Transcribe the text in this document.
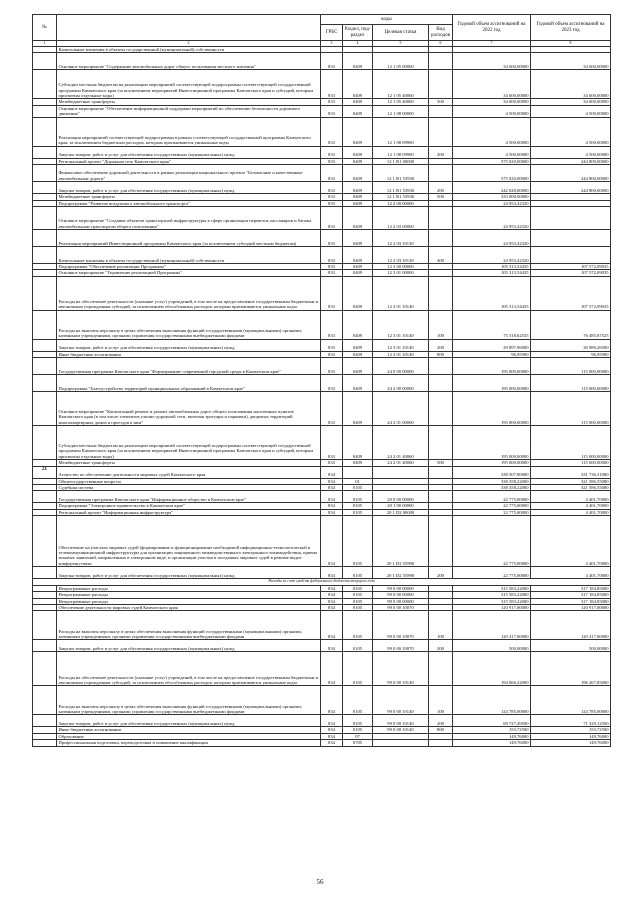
№		коды				Годовой объем ассигнований на 2022 год	Годовой объем ассигнований на 2023 год
		ГРБС	Раздел, под-раздел	Целевая статья	Вид расходов		
1	2	3	4	5	6	7	8
	Капитальные вложения в объекты государственной (муниципальной) собственности						
	Основное мероприятие "Содержание автомобильных дорог общего пользования местного значения"	833	0409	12 1 05 00000		34 600,00000	34 600,00000
	Субсидии местным бюджетам на реализацию мероприятий соответствующей подпрограммы соответствующей государственной программы Камчатского края (за исключением мероприятий Инвестиционной программы Камчатского края и субсидий, которым присвоены отдельные коды)	833	0409	12 1 05 40060		34 600,00000	34 600,00000
	Межбюджетные трансферты	833	0409	12 1 05 40060	500	34 600,00000	34 600,00000
	Основное мероприятие "Обеспечение информационной поддержки мероприятий по обеспечению безопасности дорожного движения"	833	0409	12 1 08 00000		4 500,00000	4 500,00000
	Реализация мероприятий соответствующей подпрограммы в рамках соответствующей государственной программы Камчатского края, за исключением бюджетных расходов, которым присваиваются уникальные коды	833	0409	12 1 08 09990		4 500,00000	4 500,00000
	Закупка товаров, работ и услуг для обеспечения государственных (муниципальных) нужд	833	0409	12 1 08 09990	200	4 500,00000	4 500,00000
	Региональный проект "Дорожная сеть Камчатского края"	833	0409	12 1 R1 00000		575 020,00000	244 800,00000
	Финансовое обеспечение дорожной деятельности в рамках реализации национального проекта "Безопасные и качественные автомобильные дороги"	833	0409	12 1 R1 53930		575 020,00000	244 800,00000
	Закупка товаров, работ и услуг для обеспечения государственных (муниципальных) нужд	833	0409	12 1 R1 53930	200	242 020,00000	244 800,00000
	Межбюджетные трансферты	833	0409	12 1 R1 53930	500	333 000,00000	
	Подпрограмма "Развитие воздушного автомобильного транспорта"	833	0409	12 2 00 00000		24 953,42320	
	Основное мероприятие "Создание объектов транспортной инфраструктуры в сфере организации перевозок пассажиров и багажа автомобильным транспортом общего пользования"	833	0409	12 2 03 00000		24 953,42320	
	Реализация мероприятий Инвестиционной программы Камчатского края (за исключением субсидий местным бюджетам)	833	0409	12 2 03 10130		24 953,42320	
	Капитальные вложения в объекты государственной (муниципальной) собственности	833	0409	12 2 03 10130	400	24 953,42320	
	Подпрограмма "Обеспечение реализации Программы"	833	0409	12 3 00 00000		105 313,54435	107 572,09035
	Основное мероприятие "Управление реализацией Программы"	833	0409	12 3 01 00000		105 313,54435	107 572,09035
	Расходы на обеспечение деятельности (оказание услуг) учреждений, в том числе на предоставление государственным бюджетным и автономным учреждениям субсидий, за исключением обособленных расходов, которым присваиваются уникальные коды	833	0409	12 3 01 10140		105 313,54435	107 572,09035
	Расходы на выплаты персоналу в целях обеспечения выполнения функций государственными (муниципальными) органами, казенными учреждениями, органами управления государственными внебюджетными фондами	833	0409	12 3 01 10140	100	75 318,62535	76 485,87525
	Закупка товаров, работ и услуг для обеспечения государственных (муниципальных) нужд	833	0409	12 3 01 10140	200	29 897,96000	30 989,26500
	Иные бюджетные ассигнования	833	0409	12 3 01 10140	800	96,95900	96,95900
	Государственная программа Камчатского края "Формирование современной городской среды в Камчатском крае"	833	0409	24 0 00 00000		195 000,00000	115 000,00000
	Подпрограмма "Благоустройство территорий муниципальных образований в Камчатском крае"	833	0409	24 2 00 00000		195 000,00000	115 000,00000
	Основное мероприятие "Капитальный ремонт и ремонт автомобильных дорог общего пользования населенных пунктов Камчатского края (в том числе элементов улично-дорожной сети, включая тротуары и парковки), дворовых территорий многоквартирных домов и проездов к ним"	833	0409	24 2 01 00000		195 000,00000	115 000,00000
	Субсидии местным бюджетам на реализацию мероприятий соответствующей подпрограммы соответствующей государственной программы Камчатского края (за исключением мероприятий Инвестиционной программы Камчатского края и субсидий, которым присвоены отдельные коды)	833	0409	24 2 01 40060		195 000,00000	115 000,00000
	Межбюджетные трансферты	833	0409	24 2 01 40060	500	195 000,00000	115 000,00000
21	Агентство по обеспечению деятельности мировых судей Камчатского края	834				338 507,80000	331 736,31080
	Общегосударственные вопросы	834	01			338 358,22000	321 586,55080
	Судебная система	834	0105			338 358,22000	321 586,55080
	Государственная программа Камчатского края "Информационное общество в Камчатском крае"	834	0105	20 0 00 00000		22 775,00000	4 401,70000
	Подпрограмма "Электронное правительство в Камчатском крае"	834	0105	20 1 00 00000		22 775,00000	4 401,70000
	Региональный проект "Информационная инфраструктура"	834	0105	20 1 D2 00000		22 775,00000	4 401,70000
	Обеспечение на участках мировых судей (формирование и функционирование необходимой информационно-технологической и телекоммуникационной инфраструктуры для организации защищенного межведомственного электронного взаимодействия, приема исковых заявлений, направленных в электронном виде, и организации участия в заседаниях мировых судей в режиме видео-конференц-связи	834	0105	20 1 D2 55890		22 775,00000	4 401,70000
	Закупка товаров, работ и услуг для обеспечения государственных (муниципальных) нужд	834	0105	20 1 D2 55890	200	22 775,00000	4 401,70000
Расходы за счет средств федерального бюджета текущего года							
	Непрограммные расходы	834	0105	99 0 00 00000		315 583,22000	317 184,85000
	Непрограммные расходы	834	0105	99 0 00 00000		315 583,22000	317 184,85000
	Непрограммные расходы	834	0105	99 0 00 00000		315 583,22000	317 184,85000
	Обеспечение деятельности мировых судей Камчатского края	834	0105	99 0 00 10070		120 917,00000	120 917,00000
	Расходы на выплаты персоналу в целях обеспечения выполнения функций государственными (муниципальными) органами, казенными учреждениями, органами управления государственными внебюджетными фондами	834	0105	99 0 00 10070	100	120 417,00000	120 417,00000
	Закупка товаров, работ и услуг для обеспечения государственных (муниципальных) нужд	834	0105	99 0 00 10070	200	500,00000	500,00000
	Расходы на обеспечение деятельности (оказание услуг) учреждений, в том числе на предоставление государственным бюджетным и автономным учреждениям субсидий, за исключением обособленных расходов, которым присваиваются уникальные коды	834	0105	99 0 00 10140		194 666,22000	196 267,85000
	Расходы на выплаты персоналу в целях обеспечения выполнения функций государственными (муниципальными) органами, казенными учреждениями, органами управления государственными внебюджетными фондами	834	0105	99 0 00 10140	100	124 785,00000	124 785,00000
	Закупка товаров, работ и услуг для обеспечения государственных (муниципальных) нужд	834	0105	99 0 00 10140	200	69 727,49500	71 329,12500
	Иные бюджетные ассигнования	834	0105	99 0 00 10140	800	153,72500	153,72500
	Образование	834	07			149,76000	149,76000
	Профессиональная подготовка, переподготовка и повышение квалификации	834	0705			149,76000	149,76000
56
